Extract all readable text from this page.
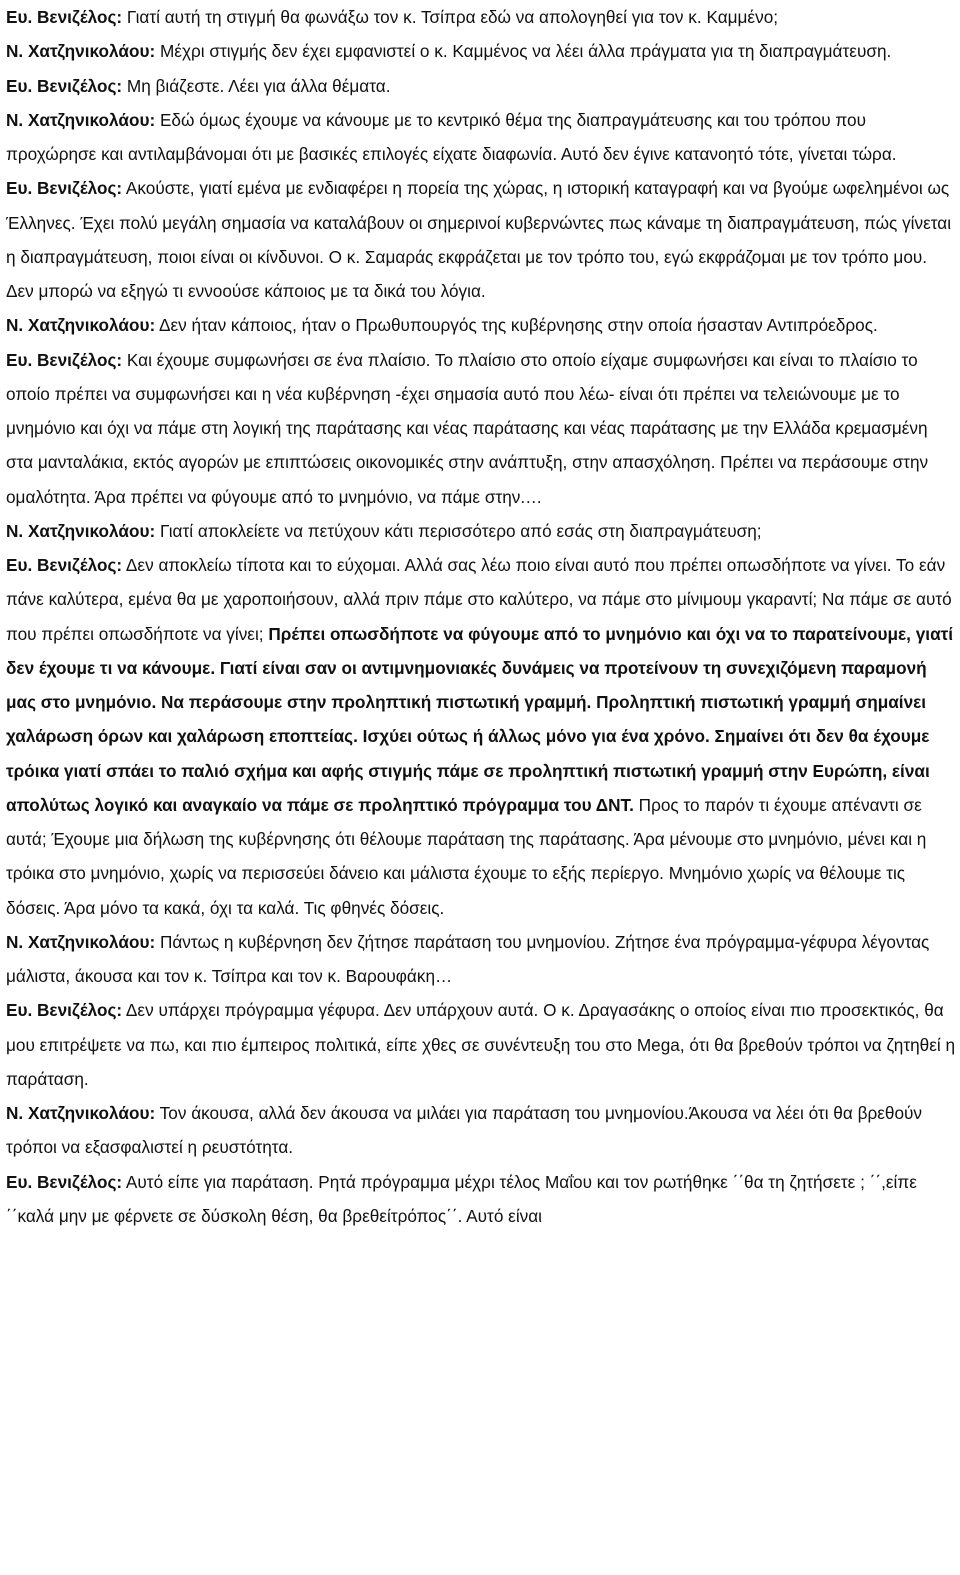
Ευ. Βενιζέλος: Γιατί αυτή τη στιγμή θα φωνάξω τον κ. Τσίπρα εδώ να απολογηθεί για τον κ. Καμμένο;

Ν. Χατζηνικολάου: Μέχρι στιγμής δεν έχει εμφανιστεί ο κ. Καμμένος να λέει άλλα πράγματα για τη διαπραγμάτευση.

Ευ. Βενιζέλος: Μη βιάζεστε. Λέει για άλλα θέματα.

Ν. Χατζηνικολάου: Εδώ όμως έχουμε να κάνουμε με το κεντρικό θέμα της διαπραγμάτευσης και του τρόπου που προχώρησε και αντιλαμβάνομαι ότι με βασικές επιλογές είχατε διαφωνία. Αυτό δεν έγινε κατανοητό τότε, γίνεται τώρα.

Ευ. Βενιζέλος: Ακούστε, γιατί εμένα με ενδιαφέρει η πορεία της χώρας, η ιστορική καταγραφή και να βγούμε ωφελημένοι ως Έλληνες. Έχει πολύ μεγάλη σημασία να καταλάβουν οι σημερινοί κυβερνώντες πως κάναμε τη διαπραγμάτευση, πώς γίνεται η διαπραγμάτευση, ποιοι είναι οι κίνδυνοι. Ο κ. Σαμαράς εκφράζεται με τον τρόπο του, εγώ εκφράζομαι με τον τρόπο μου. Δεν μπορώ να εξηγώ τι εννοούσε κάποιος με τα δικά του λόγια.

Ν. Χατζηνικολάου: Δεν ήταν κάποιος, ήταν ο Πρωθυπουργός της κυβέρνησης στην οποία ήσασταν Αντιπρόεδρος.

Ευ. Βενιζέλος: Και έχουμε συμφωνήσει σε ένα πλαίσιο. Το πλαίσιο στο οποίο είχαμε συμφωνήσει και είναι το πλαίσιο το οποίο πρέπει να συμφωνήσει και η νέα κυβέρνηση -έχει σημασία αυτό που λέω- είναι ότι πρέπει να τελειώνουμε με το μνημόνιο και όχι να πάμε στη λογική της παράτασης και νέας παράτασης και νέας παράτασης με την Ελλάδα κρεμασμένη στα μανταλάκια, εκτός αγορών με επιπτώσεις οικονομικές στην ανάπτυξη, στην απασχόληση. Πρέπει να περάσουμε στην ομαλότητα. Άρα πρέπει να φύγουμε από το μνημόνιο, να πάμε στην.…

Ν. Χατζηνικολάου: Γιατί αποκλείετε να πετύχουν κάτι περισσότερο από εσάς στη διαπραγμάτευση;

Ευ. Βενιζέλος: Δεν αποκλείω τίποτα και το εύχομαι. Αλλά σας λέω ποιο είναι αυτό που πρέπει οπωσδήποτε να γίνει. Το εάν πάνε καλύτερα, εμένα θα με χαροποιήσουν, αλλά πριν πάμε στο καλύτερο, να πάμε στο μίνιμουμ γκαραντί; Να πάμε σε αυτό που πρέπει οπωσδήποτε να γίνει; Πρέπει οπωσδήποτε να φύγουμε από το μνημόνιο και όχι να το παρατείνουμε, γιατί δεν έχουμε τι να κάνουμε. Γιατί είναι σαν οι αντιμνημονιακές δυνάμεις να προτείνουν τη συνεχιζόμενη παραμονή μας στο μνημόνιο. Να περάσουμε στην προληπτική πιστωτική γραμμή. Προληπτική πιστωτική γραμμή σημαίνει χαλάρωση όρων και χαλάρωση εποπτείας. Ισχύει ούτως ή άλλως μόνο για ένα χρόνο. Σημαίνει ότι δεν θα έχουμε τρόικα γιατί σπάει το παλιό σχήμα και αφής στιγμής πάμε σε προληπτική πιστωτική γραμμή στην Ευρώπη, είναι απολύτως λογικό και αναγκαίο να πάμε σε προληπτικό πρόγραμμα του ΔΝΤ. Προς το παρόν τι έχουμε απέναντι σε αυτά; Έχουμε μια δήλωση της κυβέρνησης ότι θέλουμε παράταση της παράτασης. Άρα μένουμε στο μνημόνιο, μένει και η τρόικα στο μνημόνιο, χωρίς να περισσεύει δάνειο και μάλιστα έχουμε το εξής περίεργο. Μνημόνιο χωρίς να θέλουμε τις δόσεις. Άρα μόνο τα κακά, όχι τα καλά. Τις φθηνές δόσεις.

Ν. Χατζηνικολάου: Πάντως η κυβέρνηση δεν ζήτησε παράταση του μνημονίου. Ζήτησε ένα πρόγραμμα-γέφυρα λέγοντας μάλιστα, άκουσα και τον κ. Τσίπρα και τον κ. Βαρουφάκη…

Ευ. Βενιζέλος: Δεν υπάρχει πρόγραμμα γέφυρα. Δεν υπάρχουν αυτά. Ο κ. Δραγασάκης ο οποίος είναι πιο προσεκτικός, θα μου επιτρέψετε να πω, και πιο έμπειρος πολιτικά, είπε χθες σε συνέντευξη του στο Mega, ότι θα βρεθούν τρόποι να ζητηθεί η παράταση.

Ν. Χατζηνικολάου: Τον άκουσα, αλλά δεν άκουσα να μιλάει για παράταση του μνημονίου.Άκουσα να λέει ότι θα βρεθούν τρόποι να εξασφαλιστεί η ρευστότητα.

Ευ. Βενιζέλος: Αυτό είπε για παράταση. Ρητά πρόγραμμα μέχρι τέλος Μαΐου και τον ρωτήθηκε ΄΄θα τη ζητήσετε ; ΄΄,είπε ΄΄καλά μην με φέρνετε σε δύσκολη θέση, θα βρεθείτρόπος΄΄. Αυτό είναι
